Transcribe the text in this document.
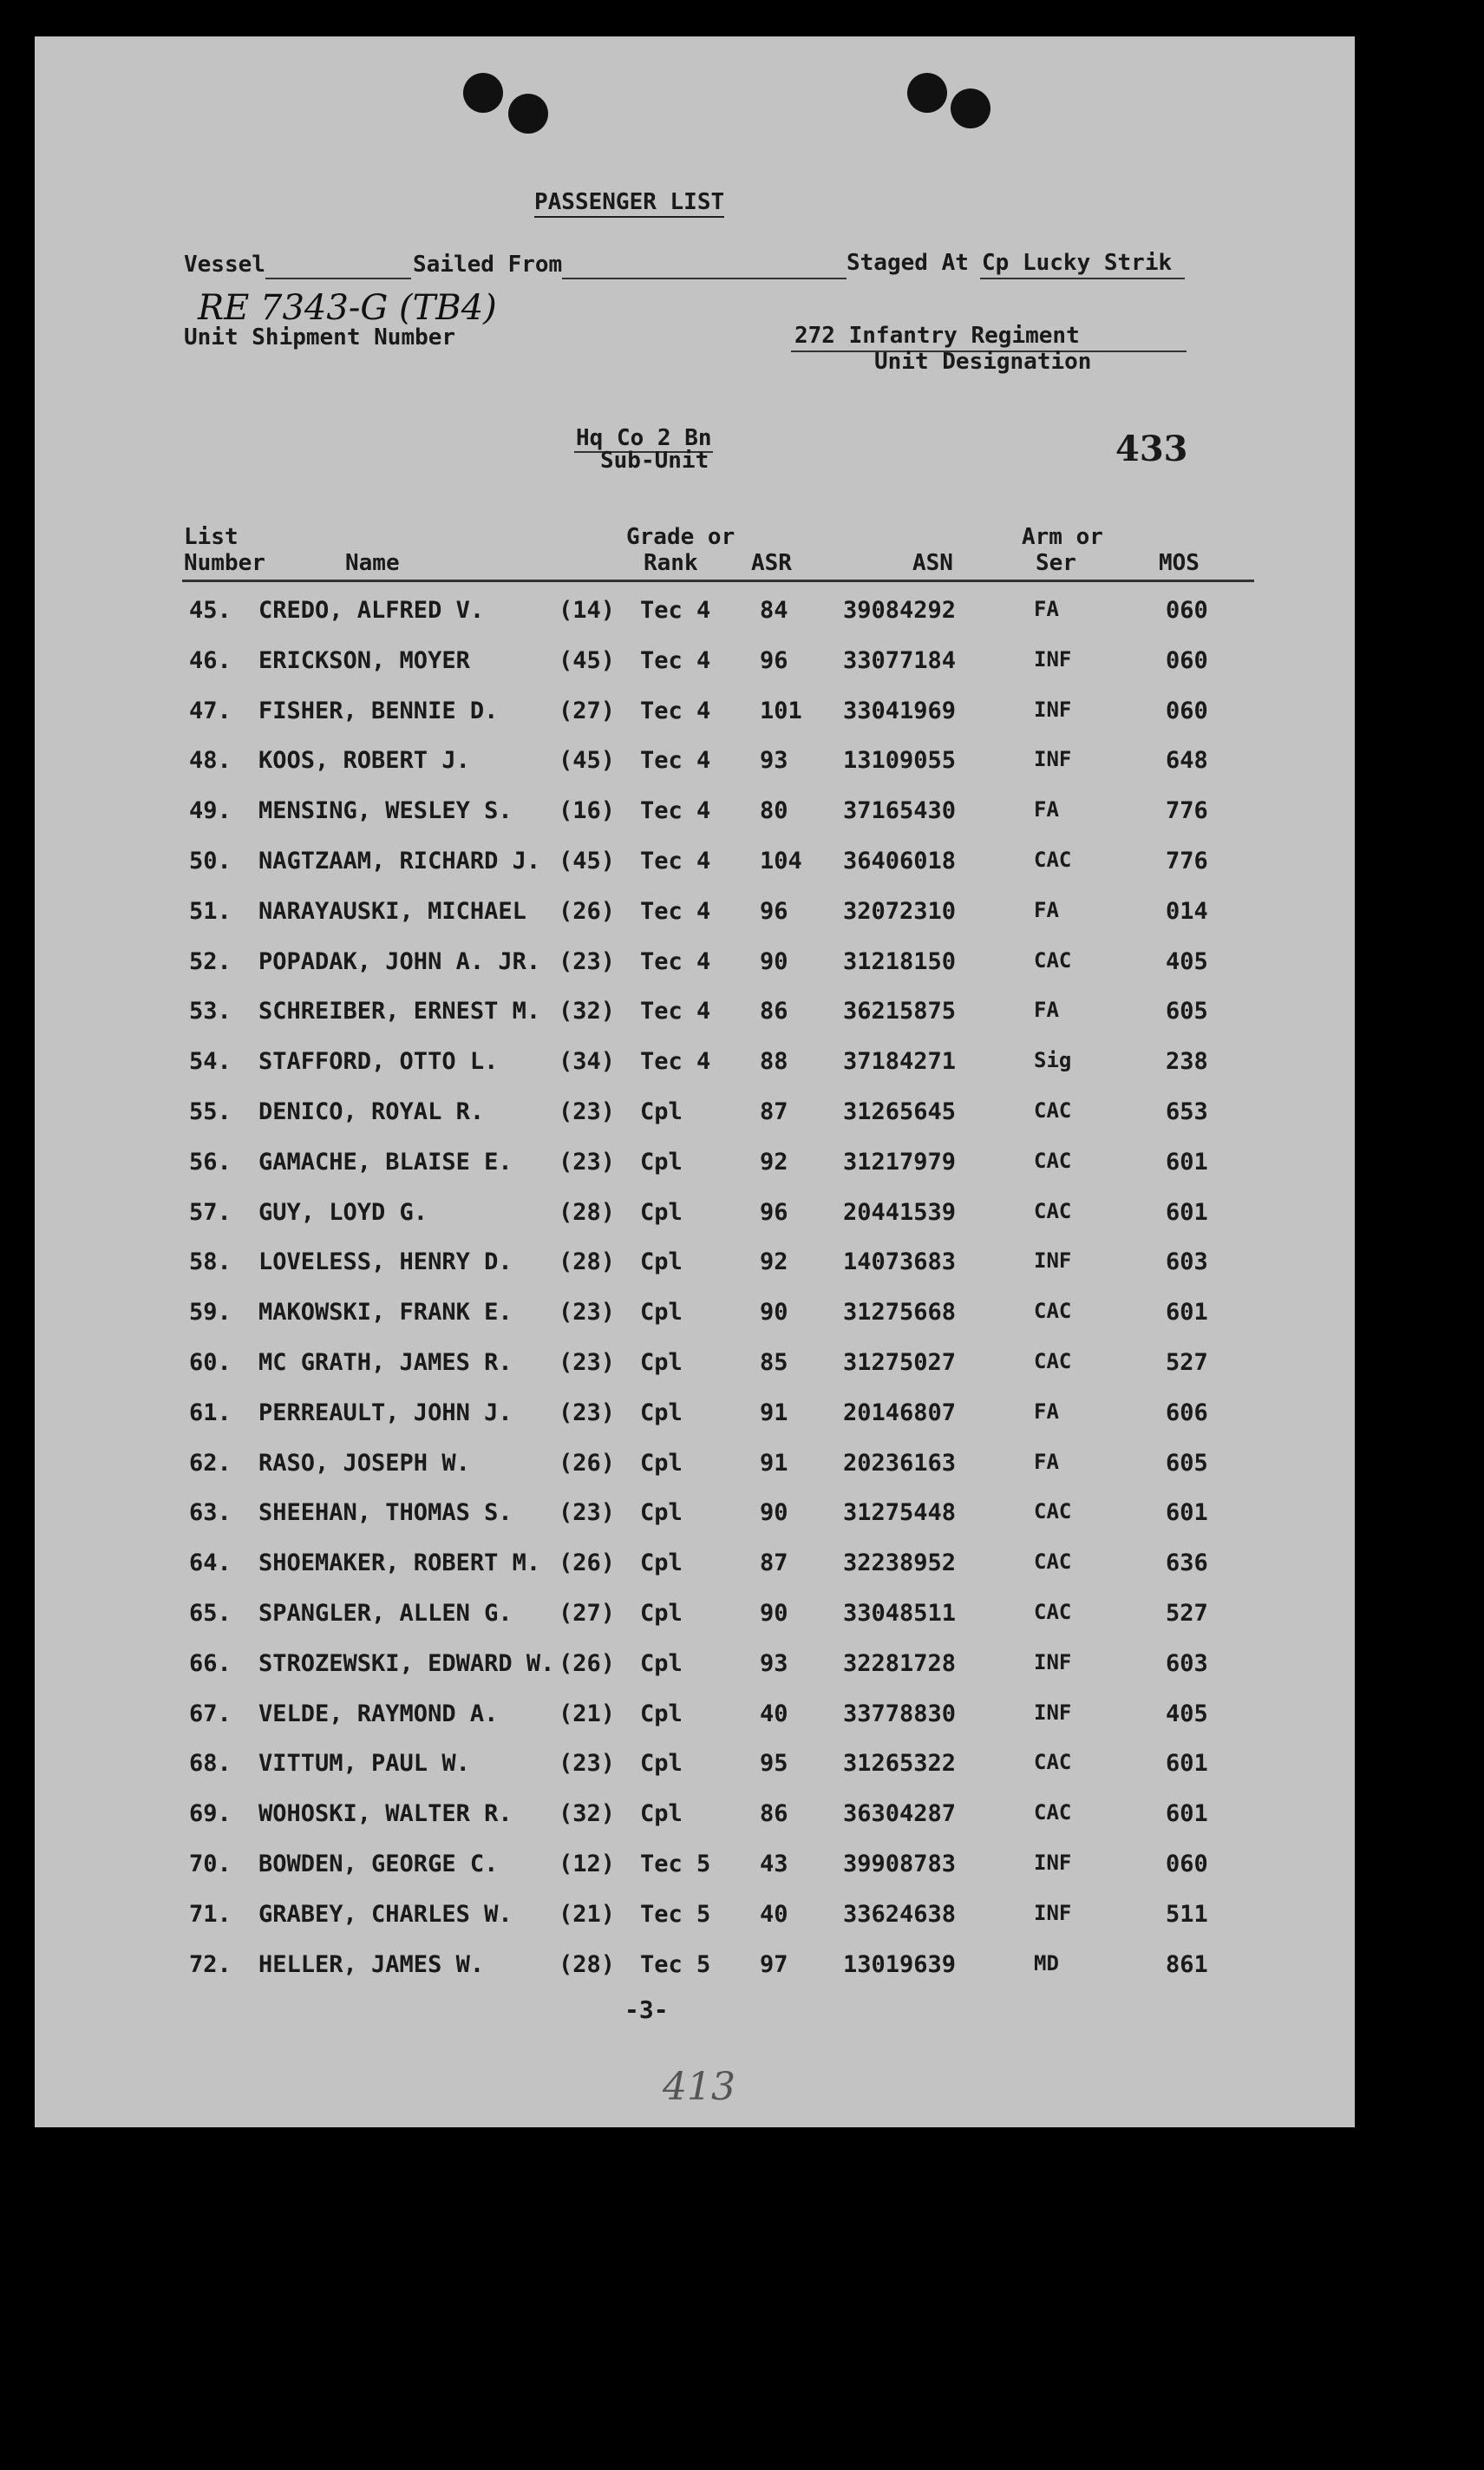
PASSENGER LIST
Vessel	Sailed From	Staged At Cp Lucky Strik
RE 7343-G (TB4)
Unit Shipment Number	272 Infantry Regiment
Unit Designation
Hq Co 2 Bn
Sub-Unit	433
List
Number	Name
Grade or
Rank ASR	ASN
Arm or
Ser	MOS
45. CREDO, ALFRED V.	(14) Tec 4 84 39084292	FA	060
46. ERICKSON, MOYER	(45) Tec 4 96 33077184	INF	060
47. FISHER, BENNIE D.	(27) Tec 4 101 33041969	INF	060
48. KOOS, ROBERT J.	(45) Tec 4 93 13109055	INF	648
49. MENSING, WESLEY S. (16) Tec 4 80 37165430	FA	776
50. NAGTZAAM, RICHARD J. (45) Tec 4 104 36406018	CAC	776
51. NARAYAUSKI, MICHAEL (26) Tec 4 96 32072310	FA	014
52. POPADAK, JOHN A. JR. (23) Tec 4 90 31218150	CAC	405
53. SCHREIBER, ERNEST M. (32) Tec 4 86 36215875	FA	605
54. STAFFORD, OTTO L.	(34) Tec 4 88 37184271	Sig	238
55. DENICO, ROYAL R.	(23) Cpl	87 31265645	CAC	653
56. GAMACHE, BLAISE E. (23) Cpl	92 31217979	CAC	601
57. GUY, LOYD G.	(28) Cpl	96 20441539	CAC	601
58. LOVELESS, HENRY D. (28) Cpl	92 14073683	INF	603
59. MAKOWSKI, FRANK E. (23) Cpl	90 31275668	CAC	601
60. MC GRATH, JAMES R. (23) Cpl	85 31275027	CAC	527
61. PERREAULT, JOHN J. (23) Cpl	91 20146807	FA	606
62. RASO, JOSEPH W.	(26) Cpl	91 20236163	FA	605
63. SHEEHAN, THOMAS S. (23) Cpl	90 31275448	CAC	601
64. SHOEMAKER, ROBERT M. (26) Cpl	87 32238952	CAC	636
65. SPANGLER, ALLEN G. (27) Cpl	90 33048511	CAC	527
66. STROZEWSKI, EDWARD W. (26) Cpl	93 32281728	INF	603
67. VELDE, RAYMOND A.	(21) Cpl	40 33778830	INF	405
68. VITTUM, PAUL W.	(23) Cpl	95 31265322	CAC	601
69. WOHOSKI, WALTER R. (32) Cpl	86 36304287	CAC	601
70. BOWDEN, GEORGE C.	(12) Tec 5 43 39908783	INF	060
71. GRABEY, CHARLES W. (21) Tec 5 40 33624638	INF	511
72. HELLER, JAMES W.	(28) Tec 5 97 13019639	MD	861
-3-
413
